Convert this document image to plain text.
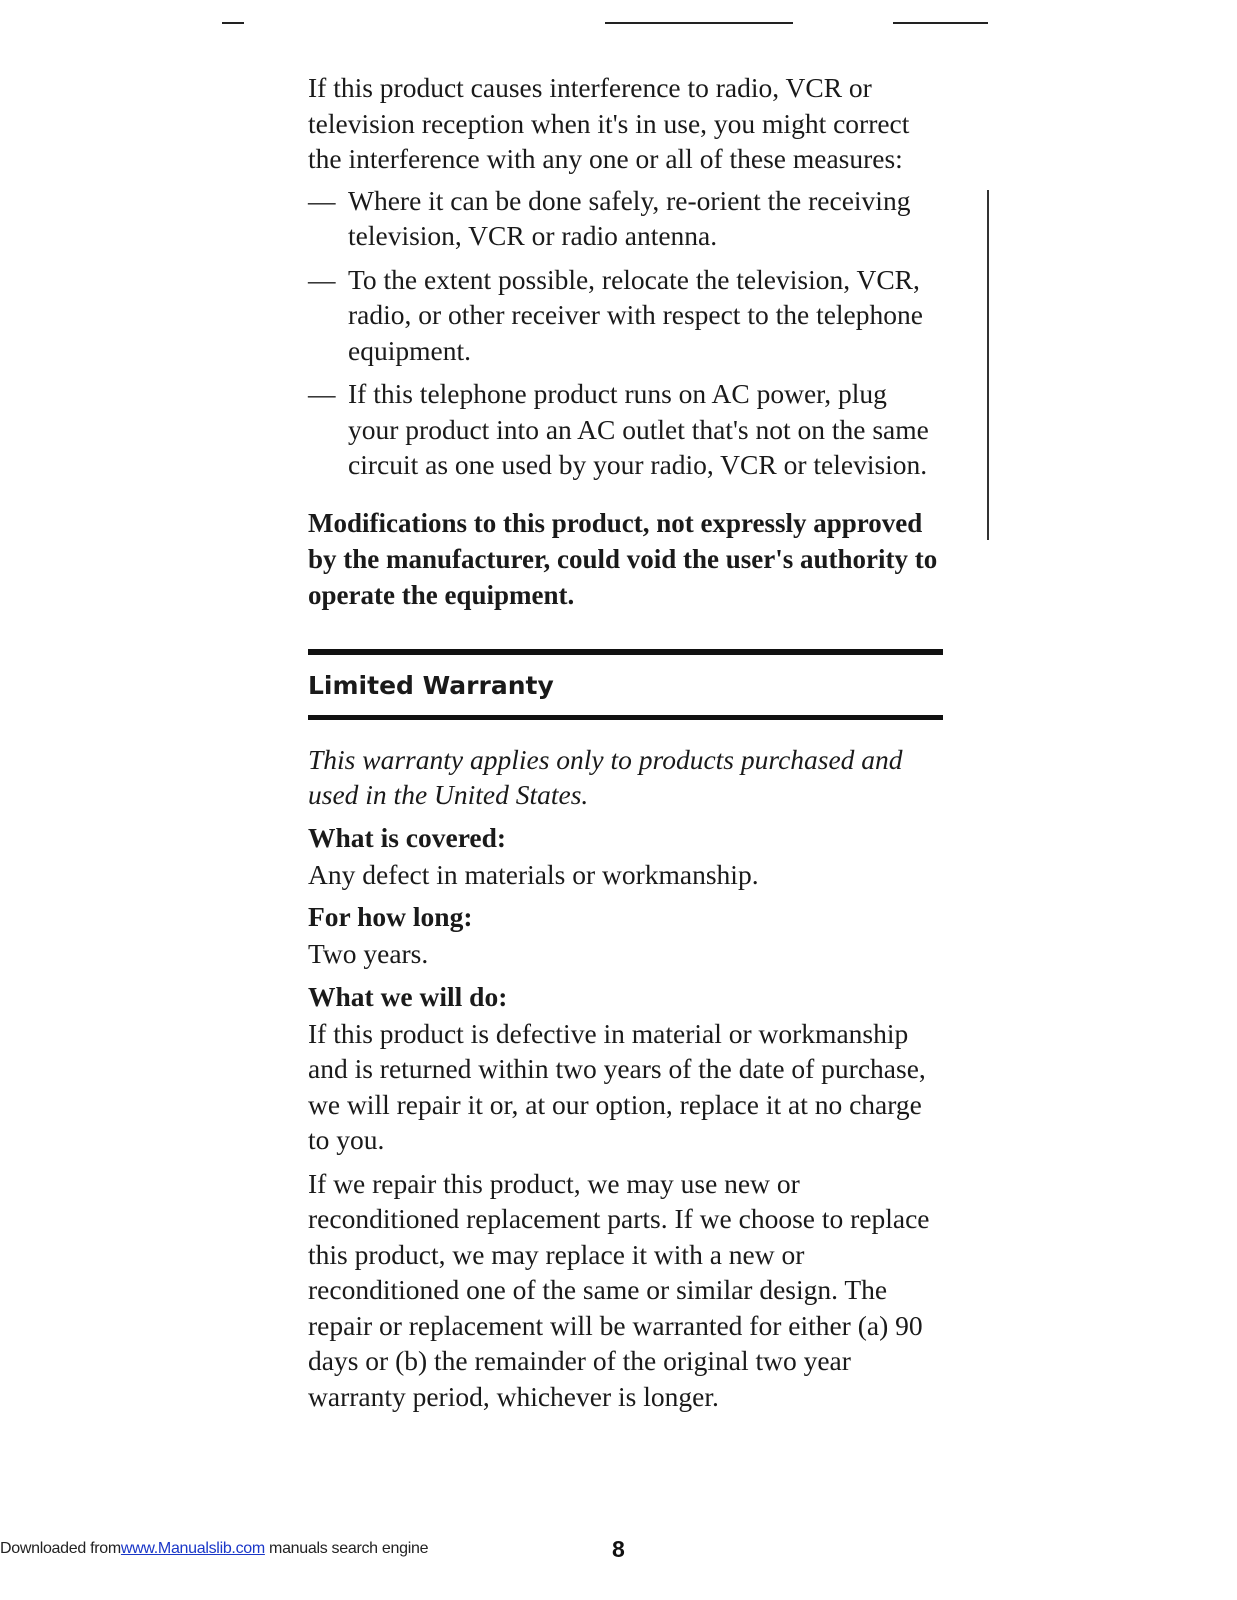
If this product causes interference to radio, VCR or television reception when it's in use, you might correct the interference with any one or all of these measures:

— Where it can be done safely, re-orient the receiving television, VCR or radio antenna.
— To the extent possible, relocate the television, VCR, radio, or other receiver with respect to the telephone equipment.
— If this telephone product runs on AC power, plug your product into an AC outlet that's not on the same circuit as one used by your radio, VCR or television.

Modifications to this product, not expressly approved by the manufacturer, could void the user's authority to operate the equipment.

Limited Warranty

This warranty applies only to products purchased and used in the United States.

What is covered:

Any defect in materials or workmanship.

For how long:

Two years.

What we will do:

If this product is defective in material or workmanship and is returned within two years of the date of purchase, we will repair it or, at our option, replace it at no charge to you.

If we repair this product, we may use new or reconditioned replacement parts. If we choose to replace this product, we may replace it with a new or reconditioned one of the same or similar design. The repair or replacement will be warranted for either (a) 90 days or (b) the remainder of the original two year warranty period, whichever is longer.

Downloaded fromwww.Manualslib.com manuals search engine	8
